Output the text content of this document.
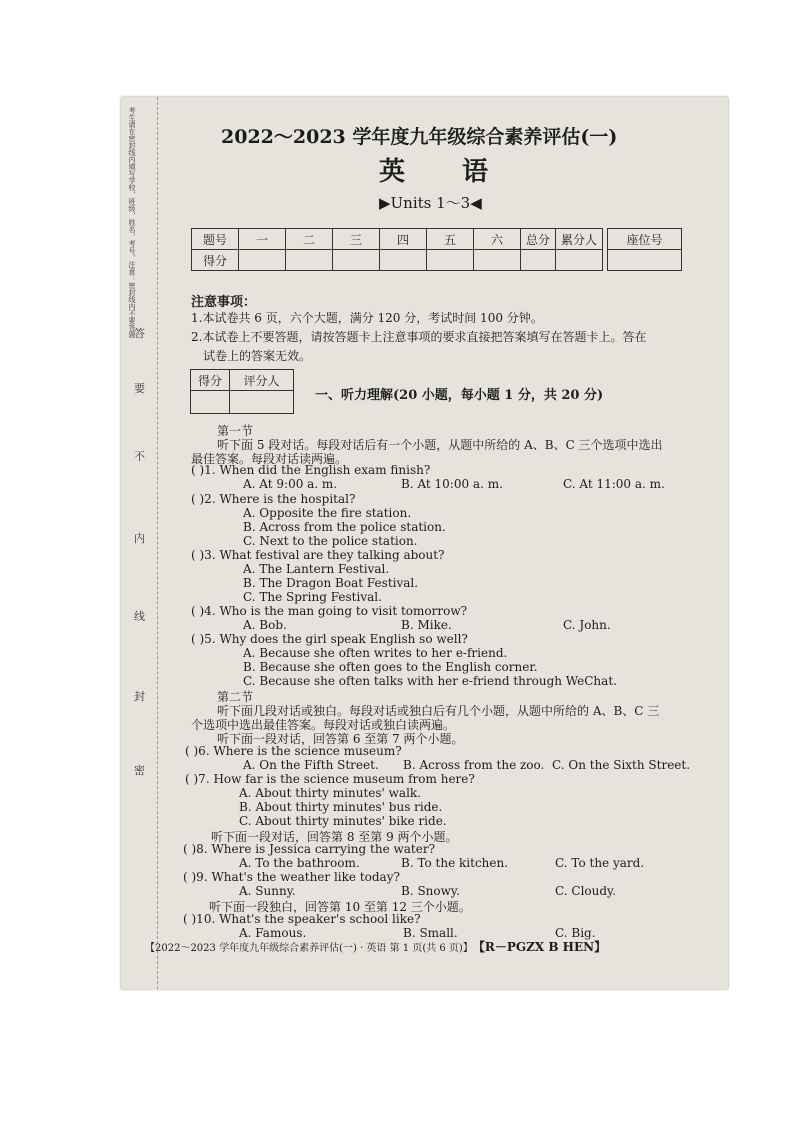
考生请在密封线内填写学校、班级、姓名、考号，注意：密封线内不要答题
答
要
不
内
线
封
密
2022～2023 学年度九年级综合素养评估(一)
英 语
▶Units 1～3◀
题号	一	二	三	四	五	六	总分	累分人
得分								
座位号

注意事项：
1.本试卷共 6 页，六个大题，满分 120 分，考试时间 100 分钟。
2.本试卷上不要答题，请按答题卡上注意事项的要求直接把答案填写在答题卡上。答在
试卷上的答案无效。
得分	评分人

一、听力理解(20 小题，每小题 1 分，共 20 分)
第一节
听下面 5 段对话。每段对话后有一个小题，从题中所给的 A、B、C 三个选项中选出
最佳答案。每段对话读两遍。
( )1. When did the English exam finish?
A. At 9:00 a. m.	B. At 10:00 a. m.	C. At 11:00 a. m.
( )2. Where is the hospital?
A. Opposite the fire station.
B. Across from the police station.
C. Next to the police station.
( )3. What festival are they talking about?
A. The Lantern Festival.
B. The Dragon Boat Festival.
C. The Spring Festival.
( )4. Who is the man going to visit tomorrow?
A. Bob.	B. Mike.	C. John.
( )5. Why does the girl speak English so well?
A. Because she often writes to her e-friend.
B. Because she often goes to the English corner.
C. Because she often talks with her e-friend through WeChat.
第二节
听下面几段对话或独白。每段对话或独白后有几个小题，从题中所给的 A、B、C 三
个选项中选出最佳答案。每段对话或独白读两遍。
听下面一段对话，回答第 6 至第 7 两个小题。
( )6. Where is the science museum?
A. On the Fifth Street. B. Across from the zoo. C. On the Sixth Street.
( )7. How far is the science museum from here?
A. About thirty minutes' walk.
B. About thirty minutes' bus ride.
C. About thirty minutes' bike ride.
听下面一段对话，回答第 8 至第 9 两个小题。
( )8. Where is Jessica carrying the water?
A. To the bathroom.	B. To the kitchen.	C. To the yard.
( )9. What's the weather like today?
A. Sunny.	B. Snowy.	C. Cloudy.
听下面一段独白，回答第 10 至第 12 三个小题。
( )10. What's the speaker's school like?
A. Famous.	B. Small.	C. Big.
【2022～2023 学年度九年级综合素养评估(一) · 英语 第 1 页(共 6 页)】 【R－PGZX B HEN】
